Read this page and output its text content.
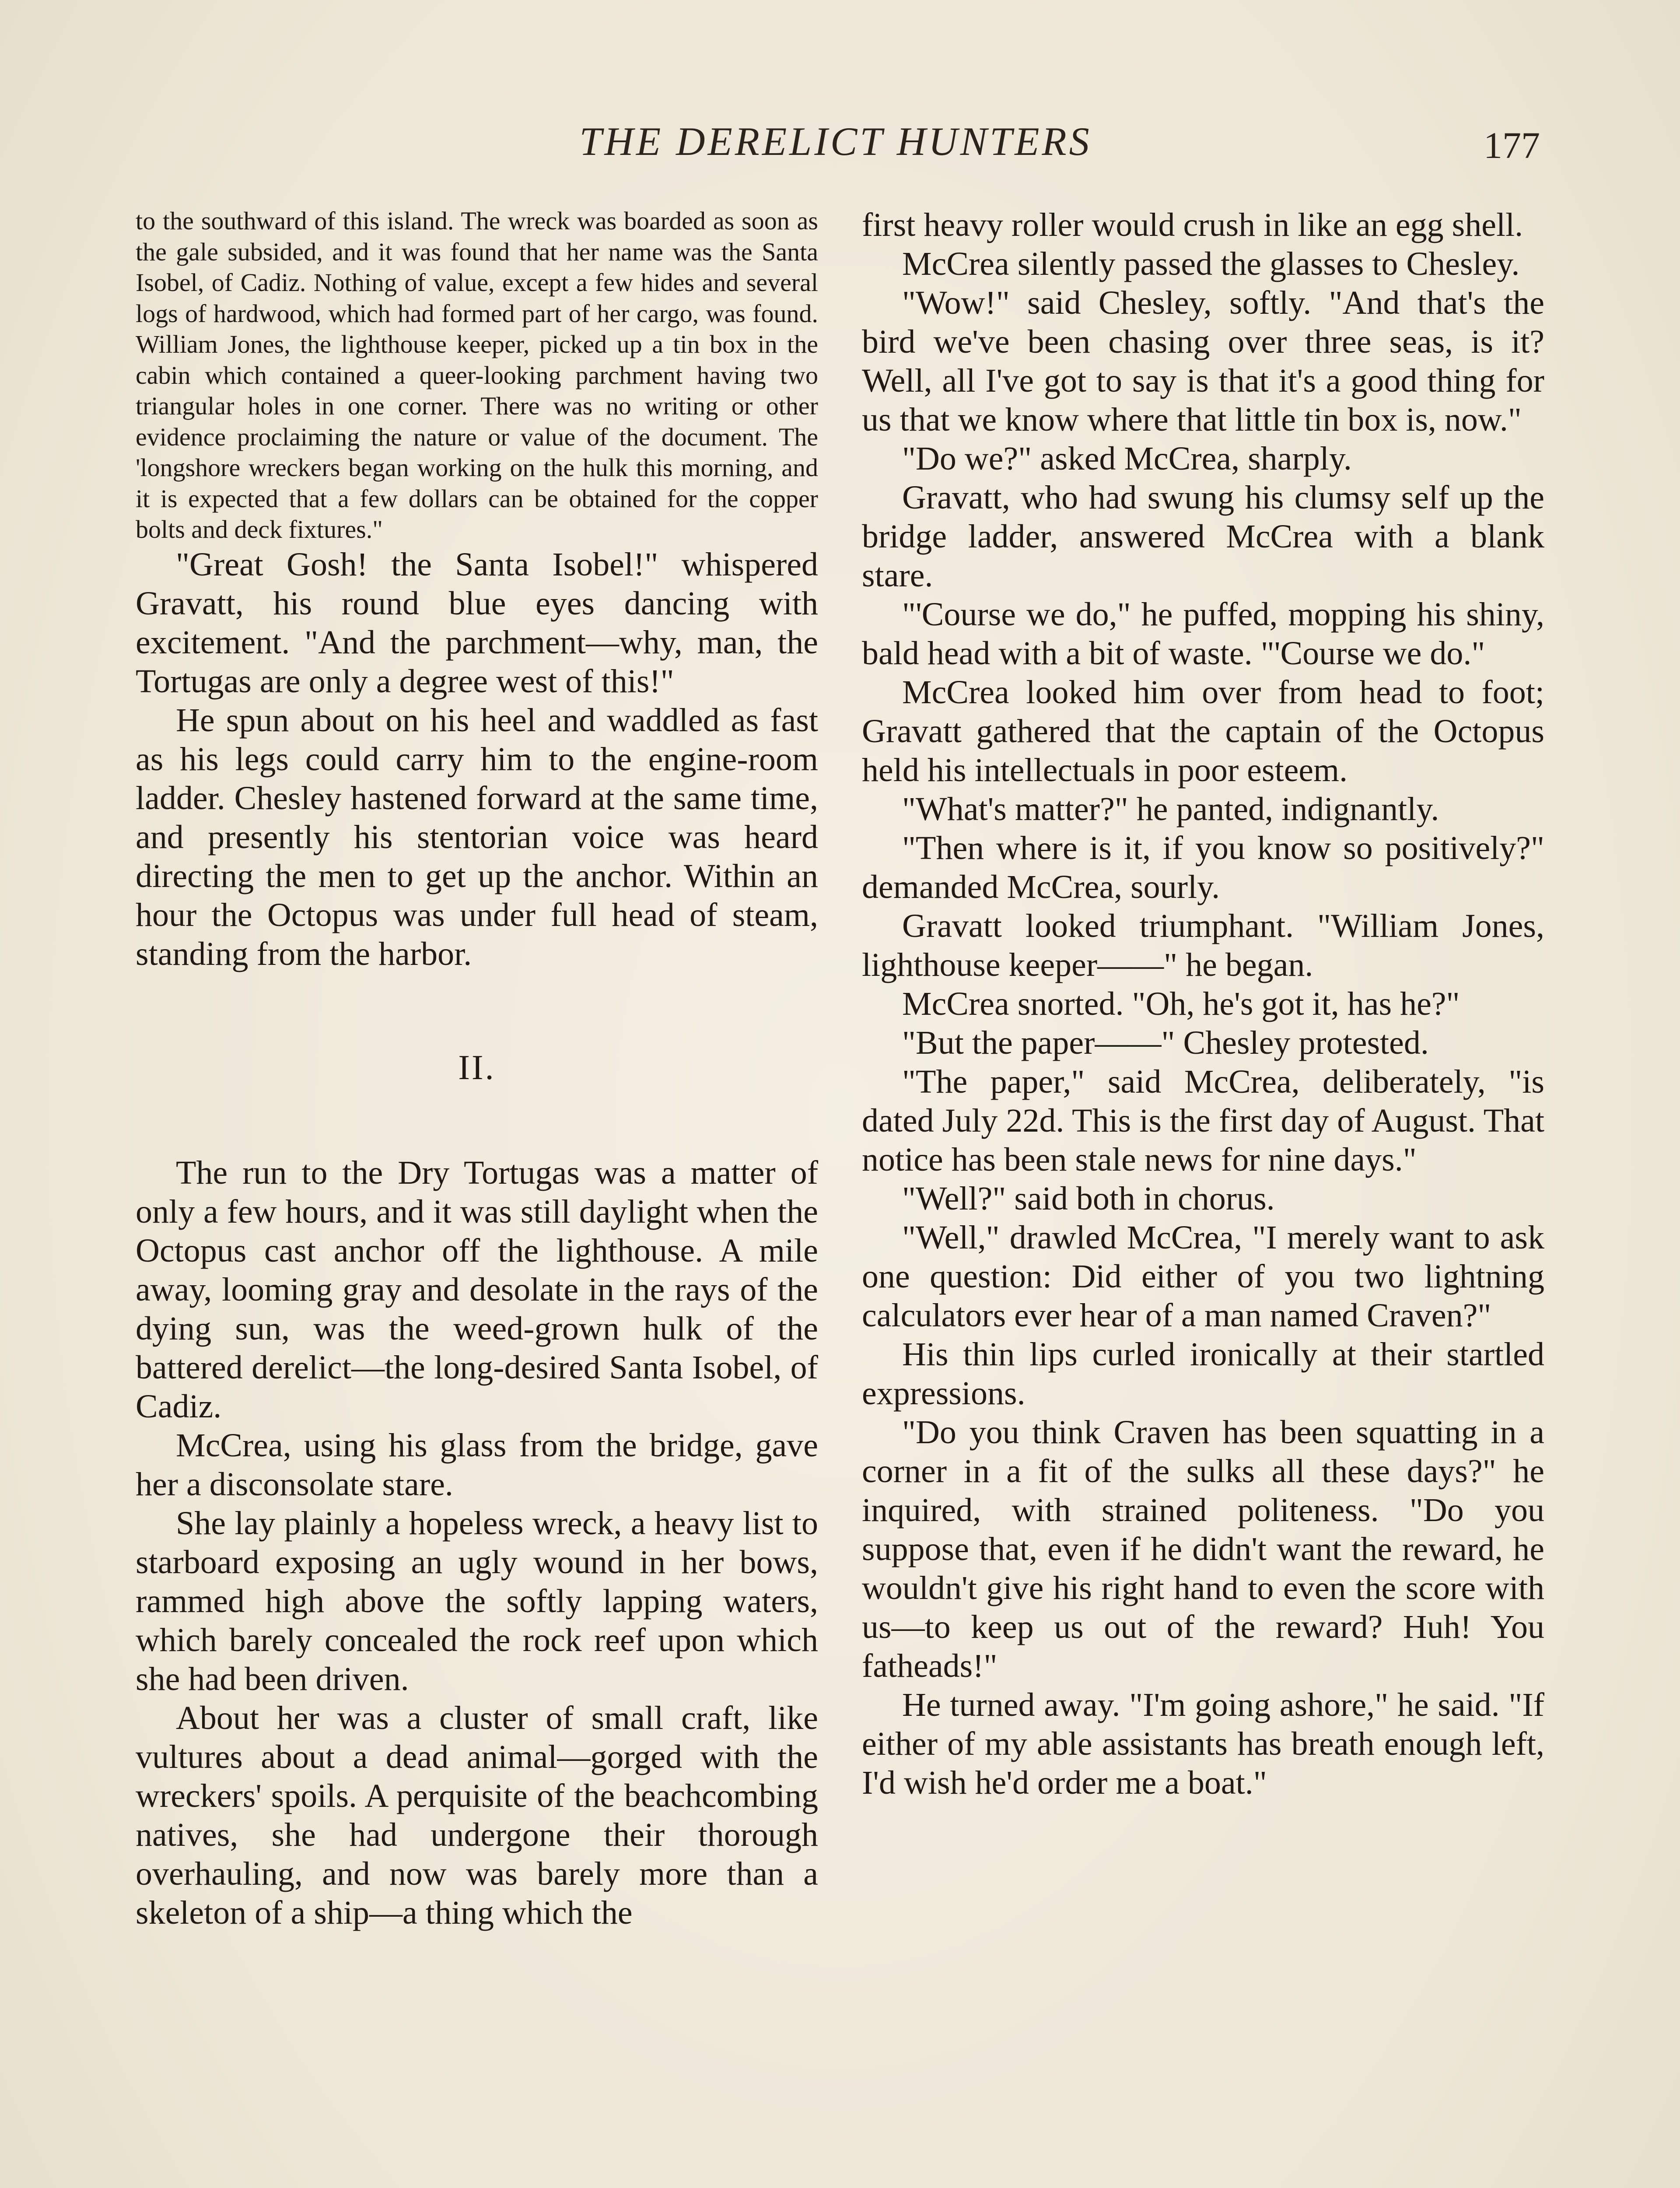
THE DERELICT HUNTERS	177

to the southward of this island. The wreck was boarded as soon as the gale subsided, and it was found that her name was the Santa Isobel, of Cadiz. Nothing of value, except a few hides and several logs of hardwood, which had formed part of her cargo, was found. William Jones, the lighthouse keeper, picked up a tin box in the cabin which contained a queer-looking parchment having two triangular holes in one corner. There was no writing or other evidence proclaiming the nature or value of the document. The 'longshore wreckers began working on the hulk this morning, and it is expected that a few dollars can be obtained for the copper bolts and deck fixtures."

"Great Gosh! the Santa Isobel!" whispered Gravatt, his round blue eyes dancing with excitement. "And the parchment—why, man, the Tortugas are only a degree west of this!"

He spun about on his heel and waddled as fast as his legs could carry him to the engine-room ladder. Chesley hastened forward at the same time, and presently his stentorian voice was heard directing the men to get up the anchor. Within an hour the Octopus was under full head of steam, standing from the harbor.

II.

The run to the Dry Tortugas was a matter of only a few hours, and it was still daylight when the Octopus cast anchor off the lighthouse. A mile away, looming gray and desolate in the rays of the dying sun, was the weed-grown hulk of the battered derelict—the long-desired Santa Isobel, of Cadiz.

McCrea, using his glass from the bridge, gave her a disconsolate stare.

She lay plainly a hopeless wreck, a heavy list to starboard exposing an ugly wound in her bows, rammed high above the softly lapping waters, which barely concealed the rock reef upon which she had been driven.

About her was a cluster of small craft, like vultures about a dead animal—gorged with the wreckers' spoils. A perquisite of the beachcombing natives, she had undergone their thorough overhauling, and now was barely more than a skeleton of a ship—a thing which the

first heavy roller would crush in like an egg shell.

McCrea silently passed the glasses to Chesley.

"Wow!" said Chesley, softly. "And that's the bird we've been chasing over three seas, is it? Well, all I've got to say is that it's a good thing for us that we know where that little tin box is, now."

"Do we?" asked McCrea, sharply.

Gravatt, who had swung his clumsy self up the bridge ladder, answered McCrea with a blank stare.

"'Course we do," he puffed, mopping his shiny, bald head with a bit of waste. "'Course we do."

McCrea looked him over from head to foot; Gravatt gathered that the captain of the Octopus held his intellectuals in poor esteem.

"What's matter?" he panted, indignantly.

"Then where is it, if you know so positively?" demanded McCrea, sourly.

Gravatt looked triumphant. "William Jones, lighthouse keeper——" he began.

McCrea snorted. "Oh, he's got it, has he?"

"But the paper——" Chesley protested.

"The paper," said McCrea, deliberately, "is dated July 22d. This is the first day of August. That notice has been stale news for nine days."

"Well?" said both in chorus.

"Well," drawled McCrea, "I merely want to ask one question: Did either of you two lightning calculators ever hear of a man named Craven?"

His thin lips curled ironically at their startled expressions.

"Do you think Craven has been squatting in a corner in a fit of the sulks all these days?" he inquired, with strained politeness. "Do you suppose that, even if he didn't want the reward, he wouldn't give his right hand to even the score with us—to keep us out of the reward? Huh! You fatheads!"

He turned away. "I'm going ashore," he said. "If either of my able assistants has breath enough left, I'd wish he'd order me a boat."
